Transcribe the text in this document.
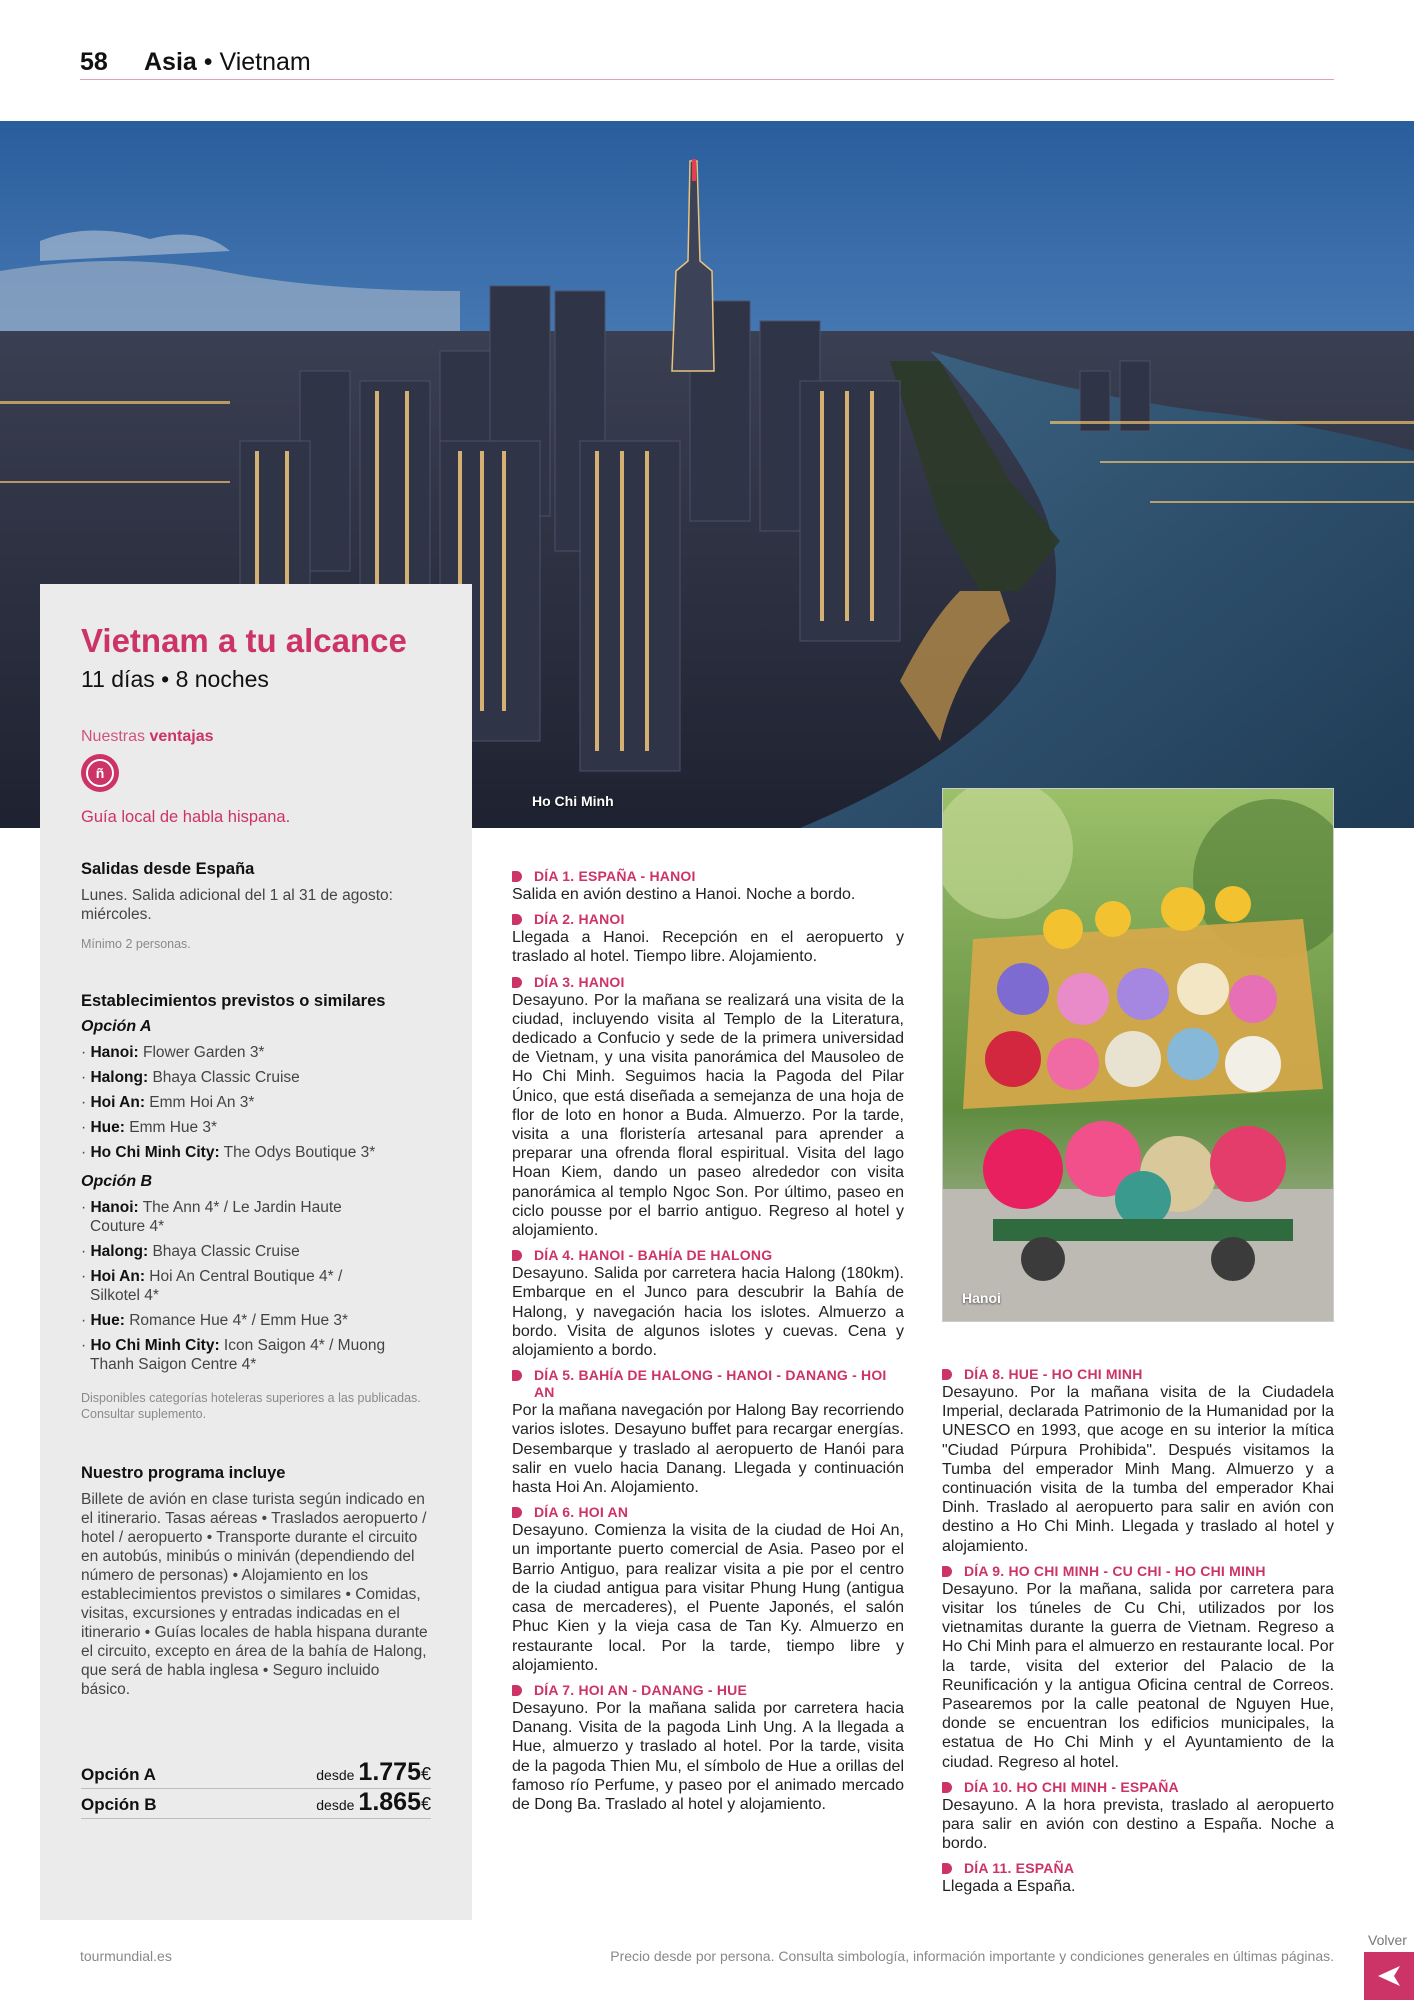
58 Asia • Vietnam
Ho Chi Minh
Vietnam a tu alcance
11 días • 8 noches
Nuestras ventajas
ñ
Guía local de habla hispana.
Salidas desde España
Lunes. Salida adicional del 1 al 31 de agosto: miércoles.
Mínimo 2 personas.
Establecimientos previstos o similares
Opción A
· Hanoi: Flower Garden 3*
· Halong: Bhaya Classic Cruise
· Hoi An: Emm Hoi An 3*
· Hue: Emm Hue 3*
· Ho Chi Minh City: The Odys Boutique 3*
Opción B
· Hanoi: The Ann 4* / Le Jardin Haute
Couture 4*
· Halong: Bhaya Classic Cruise
· Hoi An: Hoi An Central Boutique 4* /
Silkotel 4*
· Hue: Romance Hue 4* / Emm Hue 3*
· Ho Chi Minh City: Icon Saigon 4* / Muong
Thanh Saigon Centre 4*
Disponibles categorías hoteleras superiores a las publicadas. Consultar suplemento.
Nuestro programa incluye
Billete de avión en clase turista según indicado en el itinerario. Tasas aéreas • Traslados aeropuerto / hotel / aeropuerto • Transporte durante el circuito en autobús, minibús o miniván (dependiendo del número de personas) • Alojamiento en los establecimientos previstos o similares • Comidas, visitas, excursiones y entradas indicadas en el itinerario • Guías locales de habla hispana durante el circuito, excepto en área de la bahía de Halong, que será de habla inglesa • Seguro incluido básico.
Opción A	desde 1.775€
Opción B	desde 1.865€
DÍA 1. ESPAÑA - HANOI
Salida en avión destino a Hanoi. Noche a bordo.
DÍA 2. HANOI
Llegada a Hanoi. Recepción en el aeropuerto y traslado al hotel. Tiempo libre. Alojamiento.
DÍA 3. HANOI
Desayuno. Por la mañana se realizará una visita de la ciudad, incluyendo visita al Templo de la Literatura, dedicado a Confucio y sede de la primera universidad de Vietnam, y una visita panorámica del Mausoleo de Ho Chi Minh. Seguimos hacia la Pagoda del Pilar Único, que está diseñada a semejanza de una hoja de flor de loto en honor a Buda. Almuerzo. Por la tarde, visita a una floristería artesanal para aprender a preparar una ofrenda floral espiritual. Visita del lago Hoan Kiem, dando un paseo alrededor con visita panorámica al templo Ngoc Son. Por último, paseo en ciclo pousse por el barrio antiguo. Regreso al hotel y alojamiento.
DÍA 4. HANOI - BAHÍA DE HALONG
Desayuno. Salida por carretera hacia Halong (180km). Embarque en el Junco para descubrir la Bahía de Halong, y navegación hacia los islotes. Almuerzo a bordo. Visita de algunos islotes y cuevas. Cena y alojamiento a bordo.
DÍA 5. BAHÍA DE HALONG - HANOI - DANANG - HOI AN
Por la mañana navegación por Halong Bay recorriendo varios islotes. Desayuno buffet para recargar energías. Desembarque y traslado al aeropuerto de Hanói para salir en vuelo hacia Danang. Llegada y continuación hasta Hoi An. Alojamiento.
DÍA 6. HOI AN
Desayuno. Comienza la visita de la ciudad de Hoi An, un importante puerto comercial de Asia. Paseo por el Barrio Antiguo, para realizar visita a pie por el centro de la ciudad antigua para visitar Phung Hung (antigua casa de mercaderes), el Puente Japonés, el salón Phuc Kien y la vieja casa de Tan Ky. Almuerzo en restaurante local. Por la tarde, tiempo libre y alojamiento.
DÍA 7. HOI AN - DANANG - HUE
Desayuno. Por la mañana salida por carretera hacia Danang. Visita de la pagoda Linh Ung. A la llegada a Hue, almuerzo y traslado al hotel. Por la tarde, visita de la pagoda Thien Mu, el símbolo de Hue a orillas del famoso río Perfume, y paseo por el animado mercado de Dong Ba. Traslado al hotel y alojamiento.
Hanoi
DÍA 8. HUE - HO CHI MINH
Desayuno. Por la mañana visita de la Ciudadela Imperial, declarada Patrimonio de la Humanidad por la UNESCO en 1993, que acoge en su interior la mítica "Ciudad Púrpura Prohibida". Después visitamos la Tumba del emperador Minh Mang. Almuerzo y a continuación visita de la tumba del emperador Khai Dinh. Traslado al aeropuerto para salir en avión con destino a Ho Chi Minh. Llegada y traslado al hotel y alojamiento.
DÍA 9. HO CHI MINH - CU CHI - HO CHI MINH
Desayuno. Por la mañana, salida por carretera para visitar los túneles de Cu Chi, utilizados por los vietnamitas durante la guerra de Vietnam. Regreso a Ho Chi Minh para el almuerzo en restaurante local. Por la tarde, visita del exterior del Palacio de la Reunificación y la antigua Oficina central de Correos. Pasearemos por la calle peatonal de Nguyen Hue, donde se encuentran los edificios municipales, la estatua de Ho Chi Minh y el Ayuntamiento de la ciudad. Regreso al hotel.
DÍA 10. HO CHI MINH - ESPAÑA
Desayuno. A la hora prevista, traslado al aeropuerto para salir en avión con destino a España. Noche a bordo.
DÍA 11. ESPAÑA
Llegada a España.
tourmundial.es	Precio desde por persona. Consulta simbología, información importante y condiciones generales en últimas páginas.
Volver
